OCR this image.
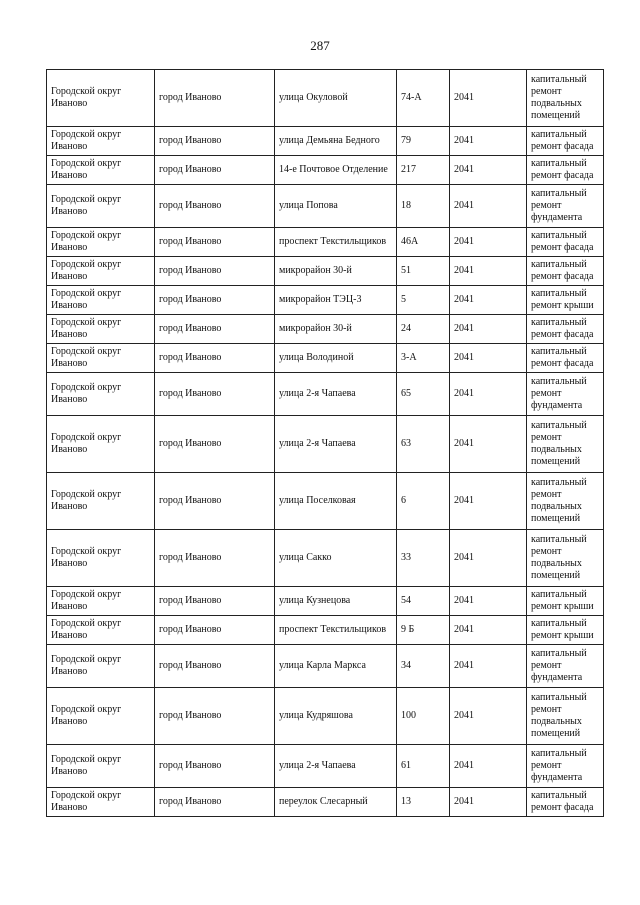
287
Городской округ Иваново	город Иваново	улица Окуловой	74-А	2041	капитальный ремонт подвальных помещений
Городской округ Иваново	город Иваново	улица Демьяна Бедного	79	2041	капитальный ремонт фасада
Городской округ Иваново	город Иваново	14-е Почтовое Отделение	217	2041	капитальный ремонт фасада
Городской округ Иваново	город Иваново	улица Попова	18	2041	капитальный ремонт фундамента
Городской округ Иваново	город Иваново	проспект Текстильщиков	46А	2041	капитальный ремонт фасада
Городской округ Иваново	город Иваново	микрорайон 30-й	51	2041	капитальный ремонт фасада
Городской округ Иваново	город Иваново	микрорайон ТЭЦ-3	5	2041	капитальный ремонт крыши
Городской округ Иваново	город Иваново	микрорайон 30-й	24	2041	капитальный ремонт фасада
Городской округ Иваново	город Иваново	улица Володиной	3-А	2041	капитальный ремонт фасада
Городской округ Иваново	город Иваново	улица 2-я Чапаева	65	2041	капитальный ремонт фундамента
Городской округ Иваново	город Иваново	улица 2-я Чапаева	63	2041	капитальный ремонт подвальных помещений
Городской округ Иваново	город Иваново	улица Поселковая	6	2041	капитальный ремонт подвальных помещений
Городской округ Иваново	город Иваново	улица Сакко	33	2041	капитальный ремонт подвальных помещений
Городской округ Иваново	город Иваново	улица Кузнецова	54	2041	капитальный ремонт крыши
Городской округ Иваново	город Иваново	проспект Текстильщиков	9 Б	2041	капитальный ремонт крыши
Городской округ Иваново	город Иваново	улица Карла Маркса	34	2041	капитальный ремонт фундамента
Городской округ Иваново	город Иваново	улица Кудряшова	100	2041	капитальный ремонт подвальных помещений
Городской округ Иваново	город Иваново	улица 2-я Чапаева	61	2041	капитальный ремонт фундамента
Городской округ Иваново	город Иваново	переулок Слесарный	13	2041	капитальный ремонт фасада
